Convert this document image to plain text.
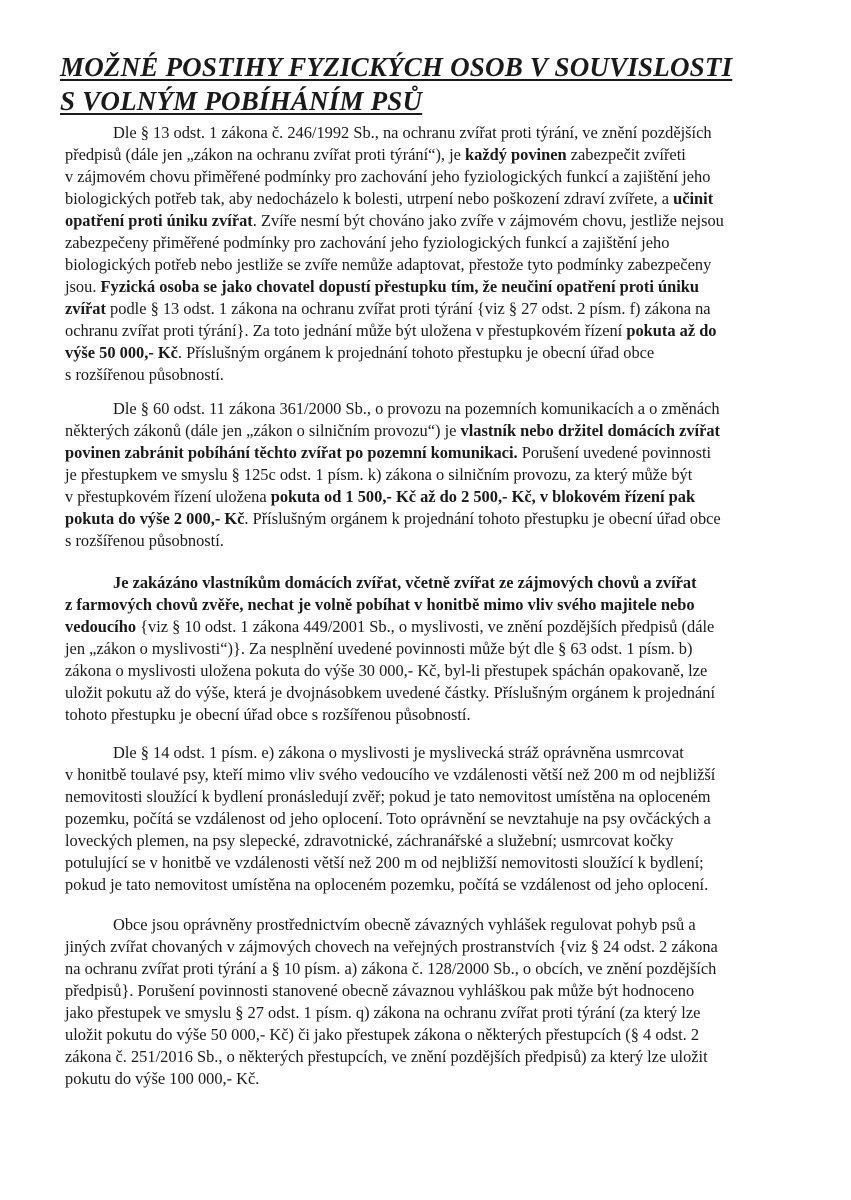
MOŽNÉ POSTIHY FYZICKÝCH OSOB V SOUVISLOSTI
S VOLNÝM POBÍHÁNÍM PSŮ
Dle § 13 odst. 1 zákona č. 246/1992 Sb., na ochranu zvířat proti týrání, ve znění pozdějších
předpisů (dále jen „zákon na ochranu zvířat proti týrání“), je každý povinen zabezpečit zvířeti
v zájmovém chovu přiměřené podmínky pro zachování jeho fyziologických funkcí a zajištění jeho
biologických potřeb tak, aby nedocházelo k bolesti, utrpení nebo poškození zdraví zvířete, a učinit
opatření proti úniku zvířat. Zvíře nesmí být chováno jako zvíře v zájmovém chovu, jestliže nejsou
zabezpečeny přiměřené podmínky pro zachování jeho fyziologických funkcí a zajištění jeho
biologických potřeb nebo jestliže se zvíře nemůže adaptovat, přestože tyto podmínky zabezpečeny
jsou. Fyzická osoba se jako chovatel dopustí přestupku tím, že neučiní opatření proti úniku
zvířat podle § 13 odst. 1 zákona na ochranu zvířat proti týrání {viz § 27 odst. 2 písm. f) zákona na
ochranu zvířat proti týrání}. Za toto jednání může být uložena v přestupkovém řízení pokuta až do
výše 50 000,- Kč. Příslušným orgánem k projednání tohoto přestupku je obecní úřad obce
s rozšířenou působností.
Dle § 60 odst. 11 zákona 361/2000 Sb., o provozu na pozemních komunikacích a o změnách
některých zákonů (dále jen „zákon o silničním provozu“) je vlastník nebo držitel domácích zvířat
povinen zabránit pobíhání těchto zvířat po pozemní komunikaci. Porušení uvedené povinnosti
je přestupkem ve smyslu § 125c odst. 1 písm. k) zákona o silničním provozu, za který může být
v přestupkovém řízení uložena pokuta od 1 500,- Kč až do 2 500,- Kč, v blokovém řízení pak
pokuta do výše 2 000,- Kč. Příslušným orgánem k projednání tohoto přestupku je obecní úřad obce
s rozšířenou působností.
Je zakázáno vlastníkům domácích zvířat, včetně zvířat ze zájmových chovů a zvířat
z farmových chovů zvěře, nechat je volně pobíhat v honitbě mimo vliv svého majitele nebo
vedoucího {viz § 10 odst. 1 zákona 449/2001 Sb., o myslivosti, ve znění pozdějších předpisů (dále
jen „zákon o myslivosti“)}. Za nesplnění uvedené povinnosti může být dle § 63 odst. 1 písm. b)
zákona o myslivosti uložena pokuta do výše 30 000,- Kč, byl-li přestupek spáchán opakovaně, lze
uložit pokutu až do výše, která je dvojnásobkem uvedené částky. Příslušným orgánem k projednání
tohoto přestupku je obecní úřad obce s rozšířenou působností.
Dle § 14 odst. 1 písm. e) zákona o myslivosti je myslivecká stráž oprávněna usmrcovat
v honitbě toulavé psy, kteří mimo vliv svého vedoucího ve vzdálenosti větší než 200 m od nejbližší
nemovitosti sloužící k bydlení pronásledují zvěř; pokud je tato nemovitost umístěna na oploceném
pozemku, počítá se vzdálenost od jeho oplocení. Toto oprávnění se nevztahuje na psy ovčáckých a
loveckých plemen, na psy slepecké, zdravotnické, záchranářské a služební; usmrcovat kočky
potulující se v honitbě ve vzdálenosti větší než 200 m od nejbližší nemovitosti sloužící k bydlení;
pokud je tato nemovitost umístěna na oploceném pozemku, počítá se vzdálenost od jeho oplocení.
Obce jsou oprávněny prostřednictvím obecně závazných vyhlášek regulovat pohyb psů a
jiných zvířat chovaných v zájmových chovech na veřejných prostranstvích {viz § 24 odst. 2 zákona
na ochranu zvířat proti týrání a § 10 písm. a) zákona č. 128/2000 Sb., o obcích, ve znění pozdějších
předpisů}. Porušení povinnosti stanovené obecně závaznou vyhláškou pak může být hodnoceno
jako přestupek ve smyslu § 27 odst. 1 písm. q) zákona na ochranu zvířat proti týrání (za který lze
uložit pokutu do výše 50 000,- Kč) či jako přestupek zákona o některých přestupcích (§ 4 odst. 2
zákona č. 251/2016 Sb., o některých přestupcích, ve znění pozdějších předpisů) za který lze uložit
pokutu do výše 100 000,- Kč.
